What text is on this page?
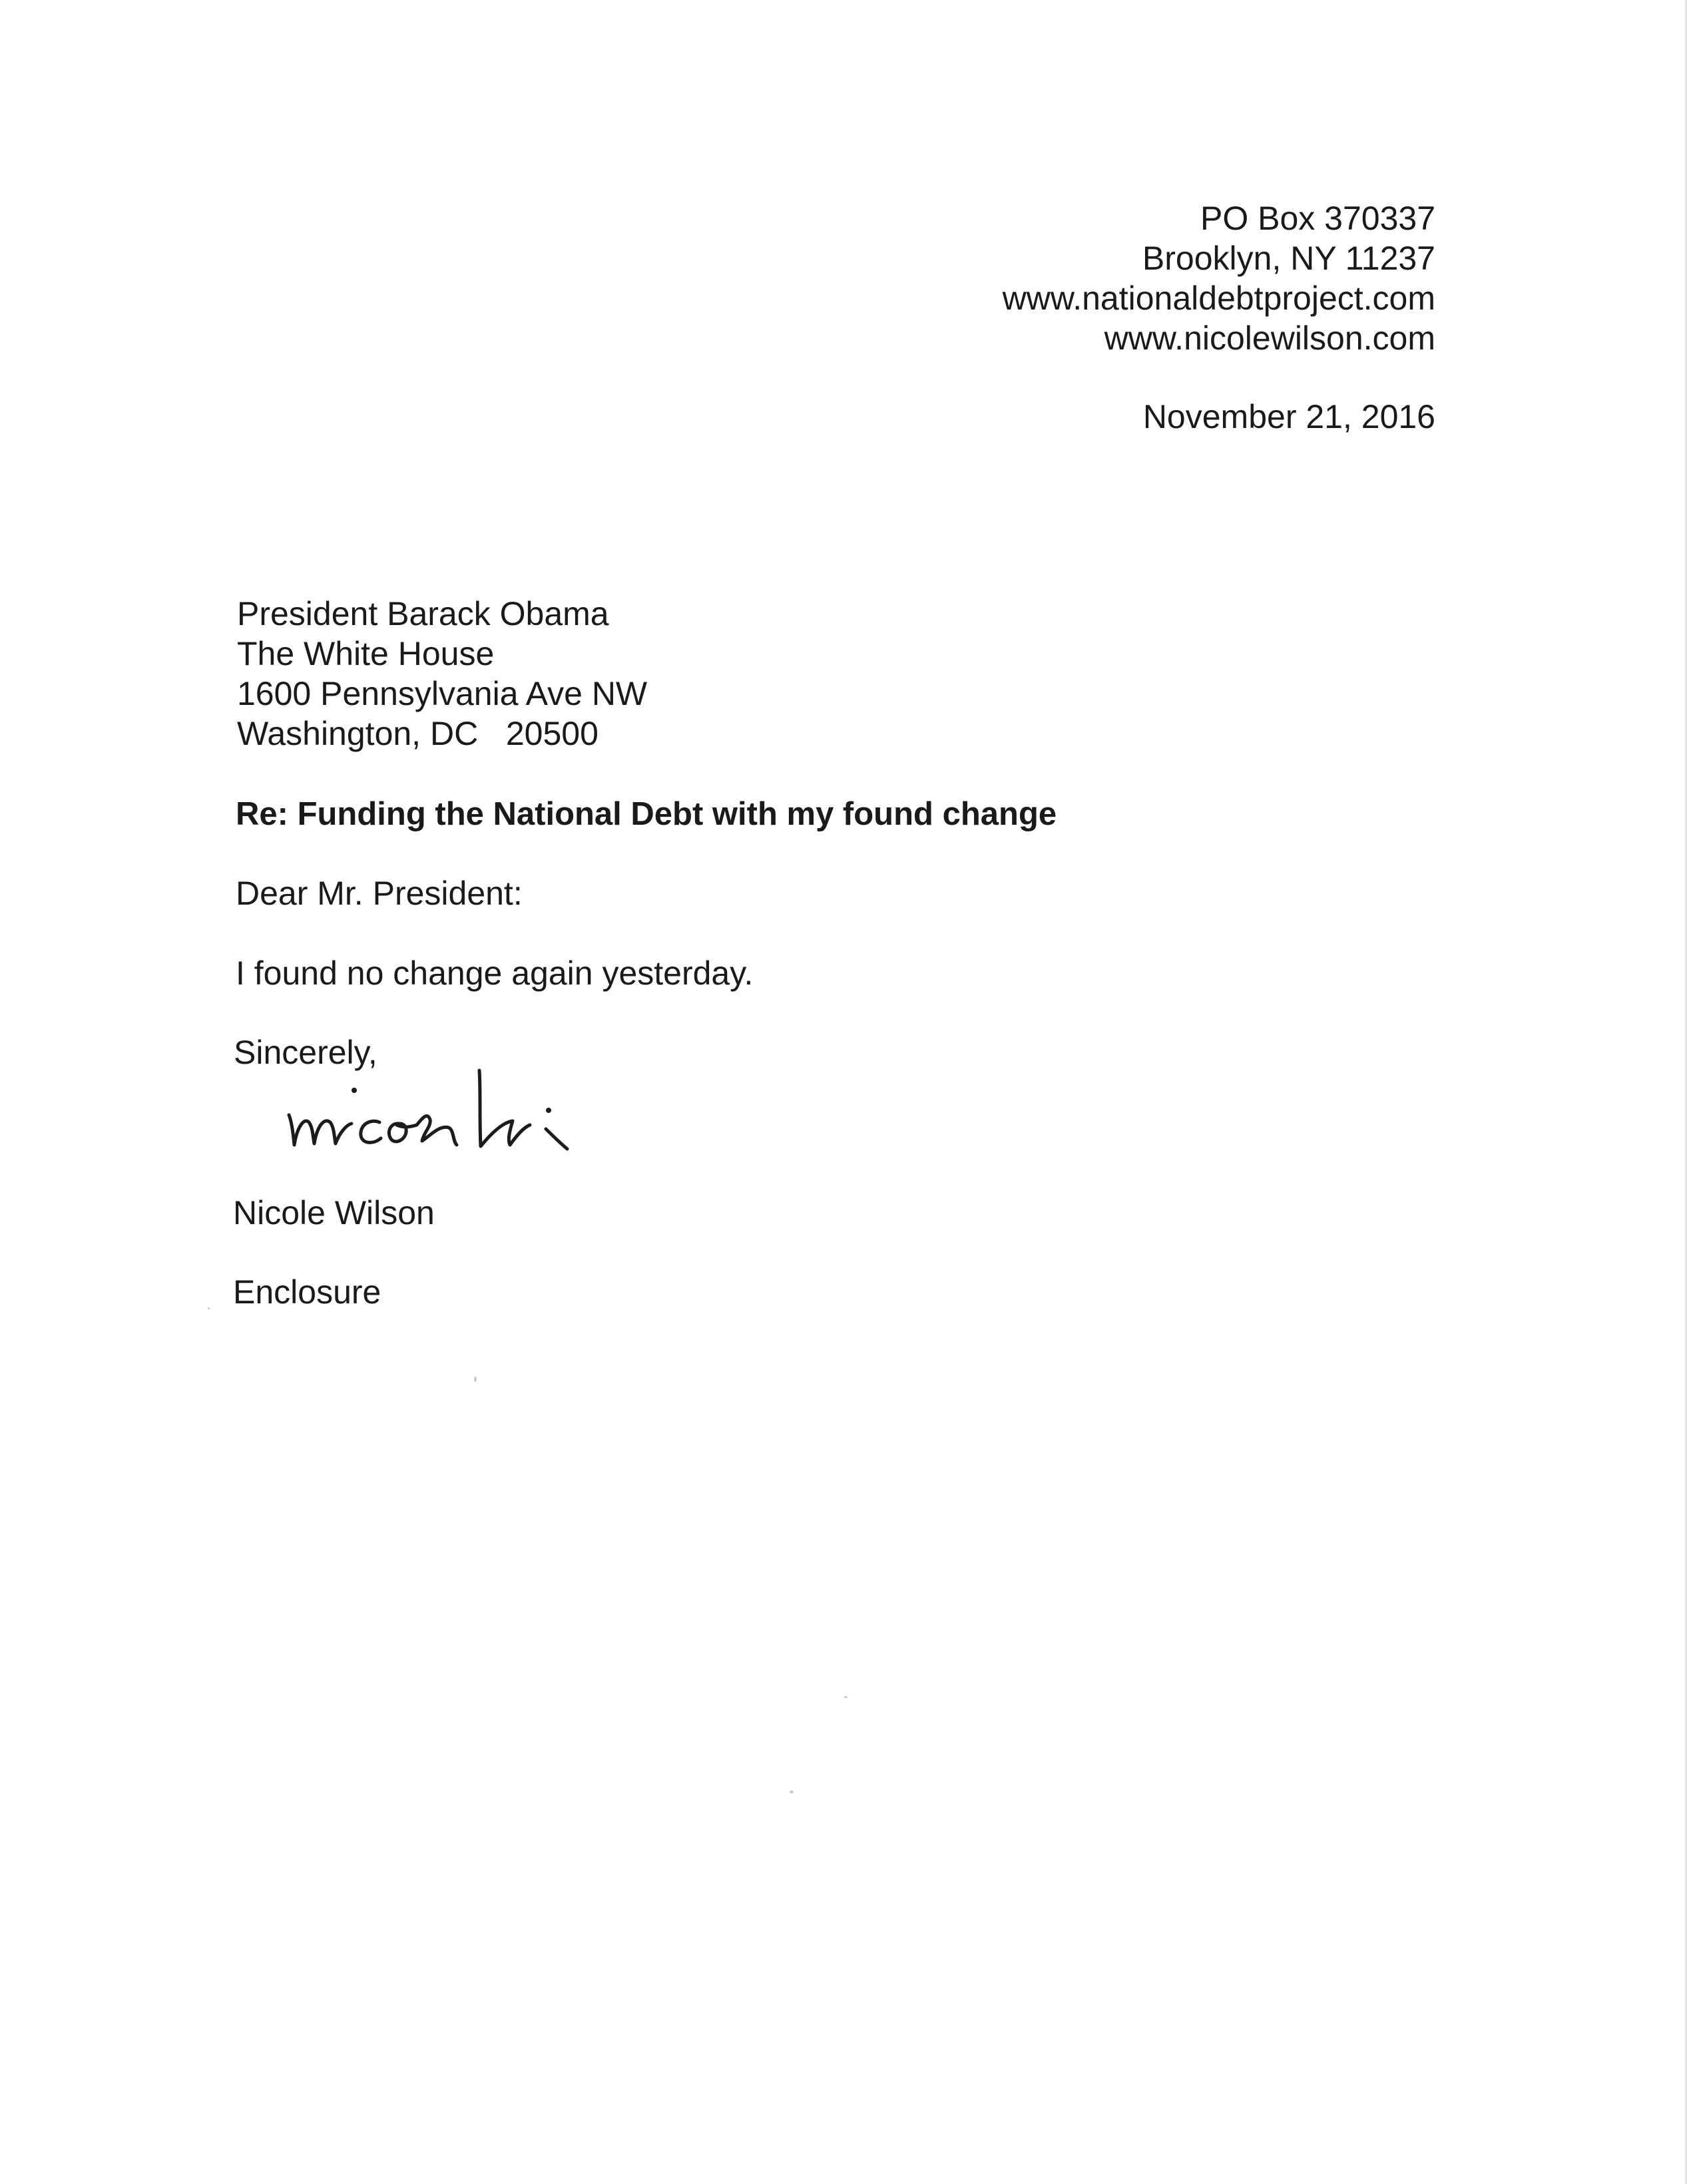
PO Box 370337
Brooklyn, NY 11237
www.nationaldebtproject.com
www.nicolewilson.com
November 21, 2016
President Barack Obama
The White House
1600 Pennsylvania Ave NW
Washington, DC   20500
Re: Funding the National Debt with my found change
Dear Mr. President:
I found no change again yesterday.
Sincerely,
Nicole Wilson
Enclosure
